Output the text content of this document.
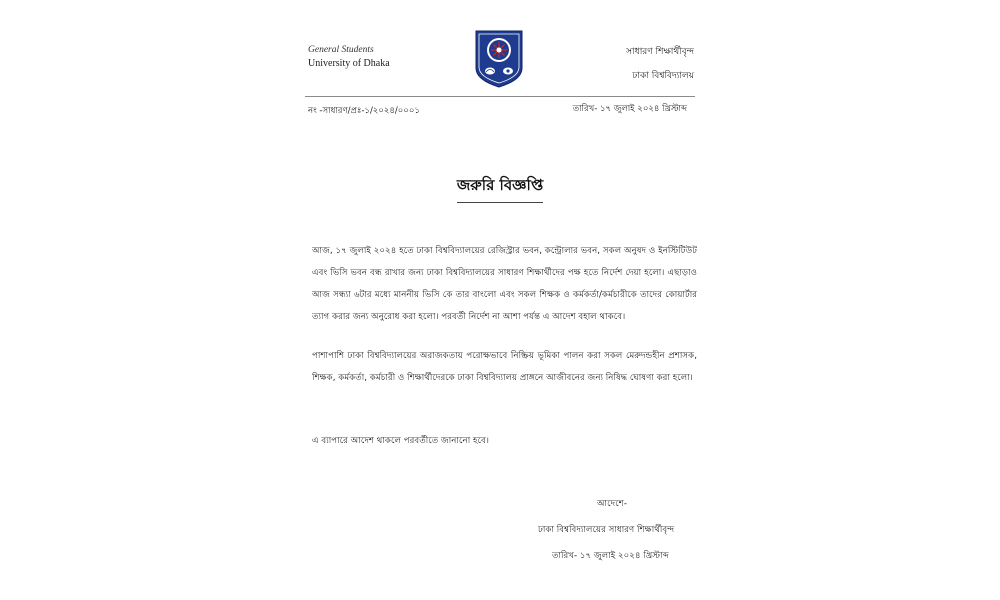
General Students
University of Dhaka
সাধারণ শিক্ষার্থীবৃন্দ
ঢাকা বিশ্ববিদ্যালয়
নং -সাধারণ/প্রঃ-১/২০২৪/০০০১	তারিখ- ১৭ জুলাই ২০২৪ খ্রিস্টাব্দ
জরুরি বিজ্ঞপ্তি

আজ, ১৭ জুলাই ২০২৪ হতে ঢাকা বিশ্ববিদ্যালয়ের রেজিস্ট্রার ভবন, কন্ট্রোলার ভবন, সকল অনুষদ ও ইনস্টিটিউট এবং ভিসি ভবন বন্ধ রাখার জন্য ঢাকা বিশ্ববিদ্যালয়ের সাধারণ শিক্ষার্থীদের পক্ষ হতে নির্দেশ দেয়া হলো। এছাড়াও আজ সন্ধ্যা ৬টার মধ্যে মাননীয় ভিসি কে তার বাংলো এবং সকল শিক্ষক ও কর্মকর্তা/কর্মচারীকে তাদের কোয়ার্টার ত্যাগ করার জন্য অনুরোধ করা হলো। পরবর্তী নির্দেশ না আশা পর্যন্ত এ আদেশ বহাল থাকবে।

পাশাপাশি ঢাকা বিশ্ববিদ্যালয়ের অরাজকতায় পরোক্ষভাবে নিষ্ক্রিয় ভূমিকা পালন করা সকল মেরুদন্ডহীন প্রশাসক, শিক্ষক, কর্মকর্তা, কর্মচারী ও শিক্ষার্থীদেরকে ঢাকা বিশ্ববিদ্যালয় প্রাঙ্গনে আজীবনের জন্য নিষিদ্ধ ঘোষণা করা হলো।

এ ব্যাপারে আদেশ থাকলে পরবর্তীতে জানানো হবে।

আদেশে-
ঢাকা বিশ্ববিদ্যালয়ের সাধারণ শিক্ষার্থীবৃন্দ
তারিখ- ১৭ জুলাই ২০২৪ খ্রিস্টাব্দ
